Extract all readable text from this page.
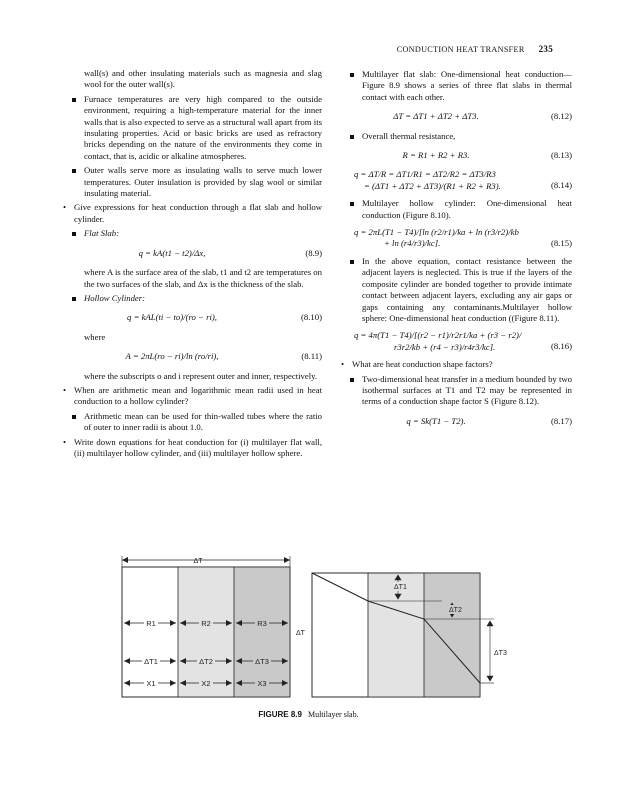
CONDUCTION HEAT TRANSFER 235

wall(s) and other insulating materials such as magnesia and slag wool for the outer wall(s).

Furnace temperatures are very high compared to the outside environment, requiring a high-temperature material for the inner walls that is also expected to serve as a structural wall apart from its insulating properties. Acid or basic bricks are used as refractory bricks depending on the nature of the environments they come in contact, that is, acidic or alkaline atmospheres.
Outer walls serve more as insulating walls to serve much lower temperatures. Outer insulation is provided by slag wool or similar insulating material.
• Give expressions for heat conduction through a flat slab and hollow cylinder.
Flat Slab:
q = kA(t1 − t2)/Δx,	(8.9)

where A is the surface area of the slab, t1 and t2 are temperatures on the two surfaces of the slab, and Δx is the thickness of the slab.

Hollow Cylinder:
q = kAL(ti − to)/(ro − ri),	(8.10)

where

A = 2πL(ro − ri)/ln (ro/ri),	(8.11)

where the subscripts o and i represent outer and inner, respectively.

• When are arithmetic mean and logarithmic mean radii used in heat conduction to a hollow cylinder?
Arithmetic mean can be used for thin-walled tubes where the ratio of outer to inner radii is about 1.0.
• Write down equations for heat conduction for (i) multilayer flat wall, (ii) multilayer hollow cylinder, and (iii) multilayer hollow sphere.
Multilayer flat slab: One-dimensional heat conduction—Figure 8.9 shows a series of three flat slabs in thermal contact with each other.
ΔT = ΔT1 + ΔT2 + ΔT3.	(8.12)
Overall thermal resistance,
R = R1 + R2 + R3.	(8.13)
q = ΔT/R = ΔT1/R1 = ΔT2/R2 = ΔT3/R3
= (ΔT1 + ΔT2 + ΔT3)/(R1 + R2 + R3).	(8.14)
Multilayer hollow cylinder: One-dimensional heat conduction (Figure 8.10).
q = 2πL(T1 − T4)/[ln (r2/r1)/ka + ln (r3/r2)/kb
+ ln (r4/r3)/kc].	(8.15)
In the above equation, contact resistance between the adjacent layers is neglected. This is true if the layers of the composite cylinder are bonded together to provide intimate contact between adjacent layers, excluding any air gaps or gaps containing any contaminants.Multilayer hollow sphere: One-dimensional heat conduction ((Figure 8.11).
q = 4π(T1 − T4)/[(r2 − r1)/r2r1/ka + (r3 − r2)/
r3r2/kb + (r4 − r3)/r4r3/kc].	(8.16)
• What are heat conduction shape factors?
Two-dimensional heat transfer in a medium bounded by two isothermal surfaces at T1 and T2 may be represented in terms of a conduction shape factor S (Figure 8.12).
q = Sk(T1 − T2).	(8.17)
ΔT
R1	R2	R3
ΔT1	ΔT2	ΔT3
X1	X2	X3
ΔT
ΔT1
ΔT2
ΔT3
FIGURE 8.9 Multilayer slab.
